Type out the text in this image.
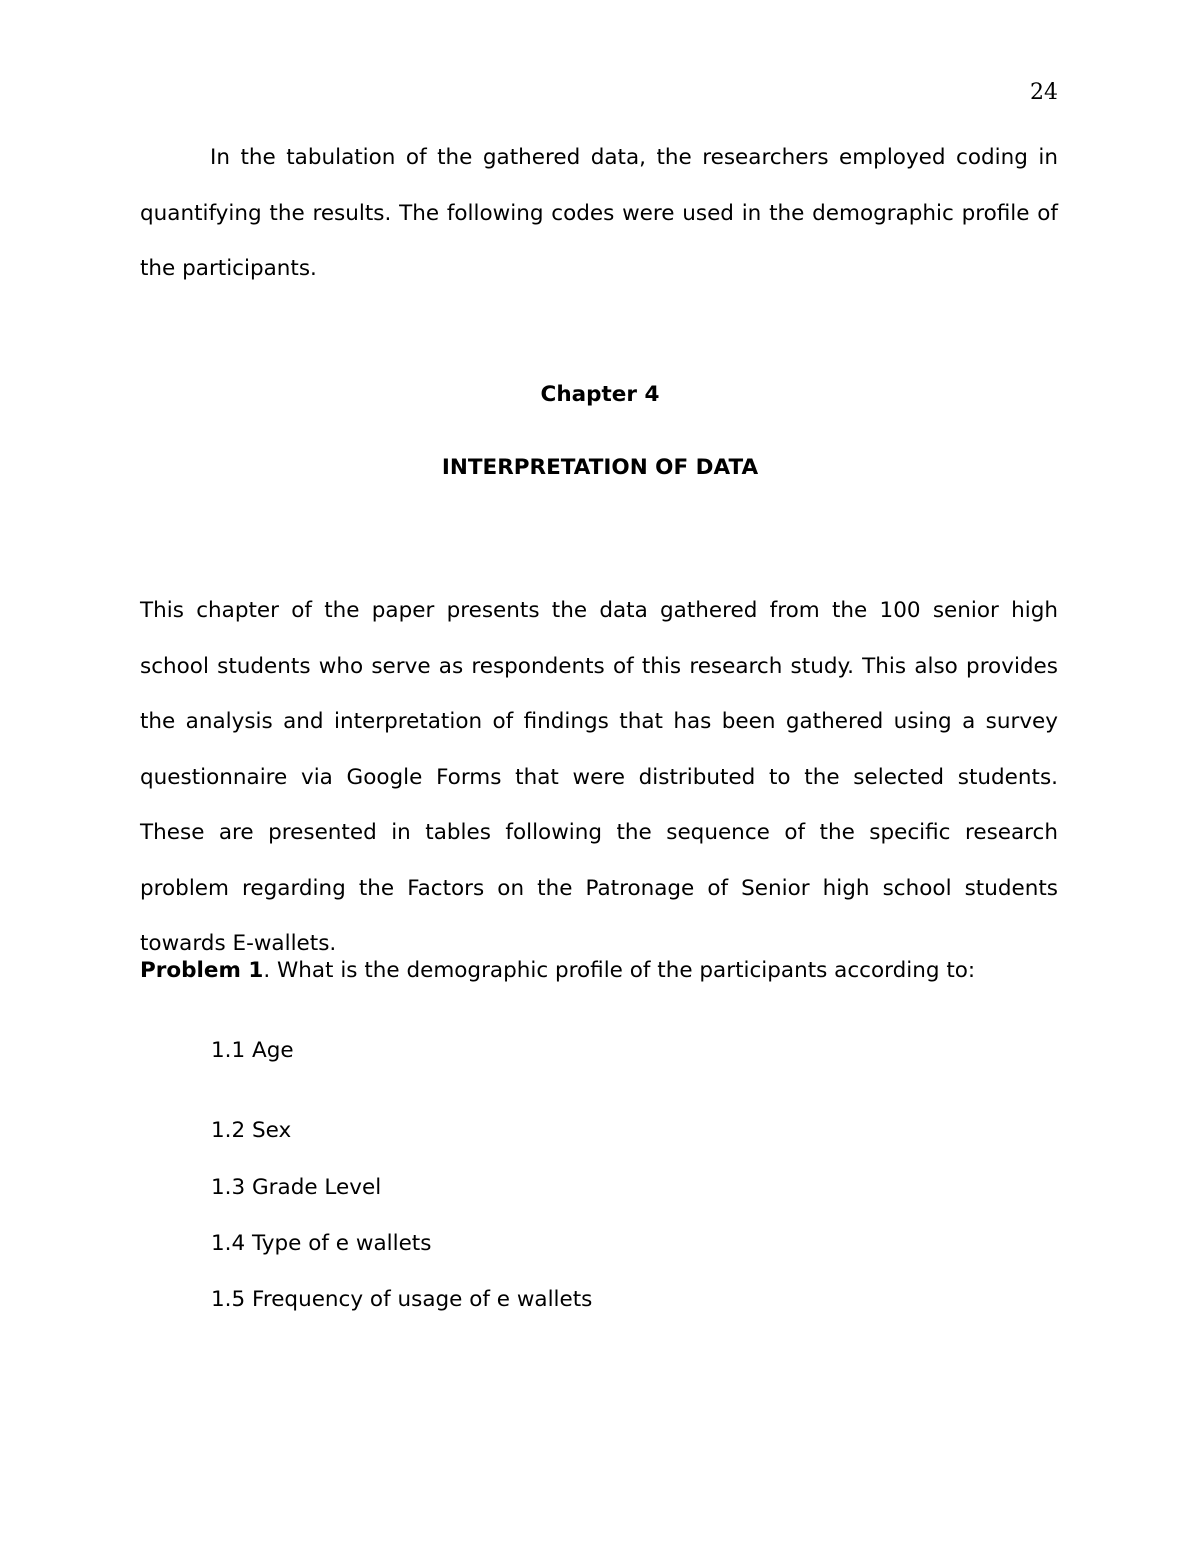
24

In the tabulation of the gathered data, the researchers employed coding in quantifying the results. The following codes were used in the demographic profile of the participants.

Chapter 4
INTERPRETATION OF DATA

This chapter of the paper presents the data gathered from the 100 senior high school students who serve as respondents of this research study. This also provides the analysis and interpretation of findings that has been gathered using a survey questionnaire via Google Forms that were distributed to the selected students. These are presented in tables following the sequence of the specific research problem regarding the Factors on the Patronage of Senior high school students towards E-wallets.

Problem 1. What is the demographic profile of the participants according to:

1.1 Age
1.2 Sex
1.3 Grade Level
1.4 Type of e wallets
1.5 Frequency of usage of e wallets
